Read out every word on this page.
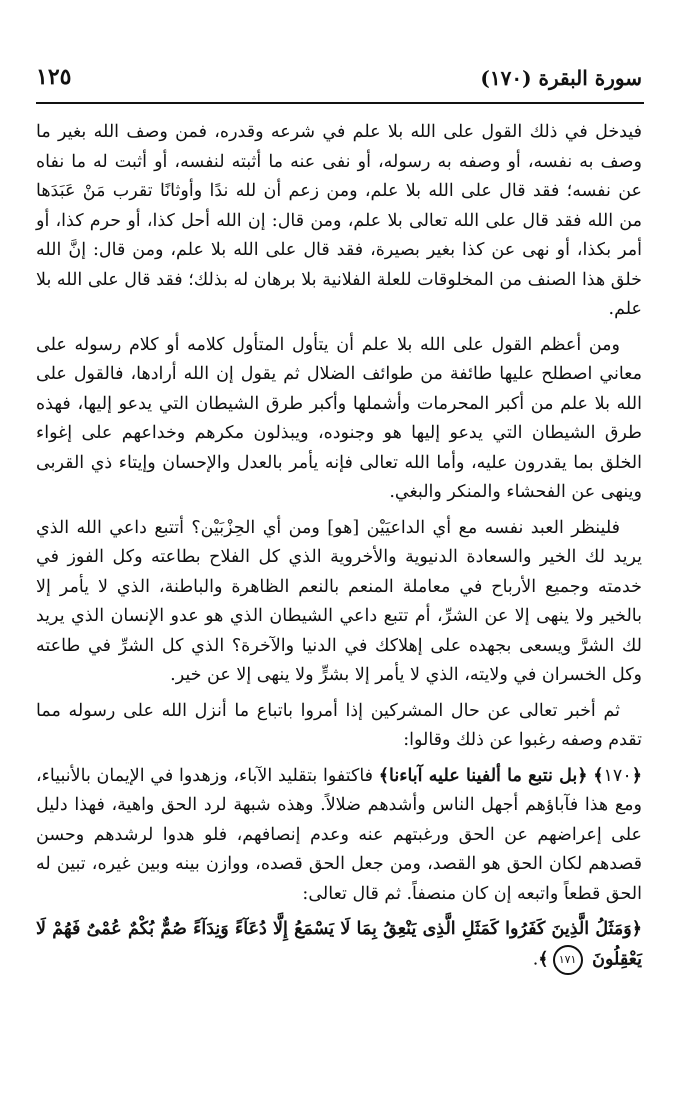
سورة البقرة (١٧٠)
١٢٥

فيدخل في ذلك القول على الله بلا علم في شرعه وقدره، فمن وصف الله بغير ما وصف به نفسه، أو وصفه به رسوله، أو نفى عنه ما أثبته لنفسه، أو أثبت له ما نفاه عن نفسه؛ فقد قال على الله بلا علم، ومن زعم أن لله ندًا وأوثانًا تقرب مَنْ عَبَدَها من الله فقد قال على الله تعالى بلا علم، ومن قال: إن الله أحل كذا، أو حرم كذا، أو أمر بكذا، أو نهى عن كذا بغير بصيرة، فقد قال على الله بلا علم، ومن قال: إنَّ الله خلق هذا الصنف من المخلوقات للعلة الفلانية بلا برهان له بذلك؛ فقد قال على الله بلا علم.

ومن أعظم القول على الله بلا علم أن يتأول المتأول كلامه أو كلام رسوله على معاني اصطلح عليها طائفة من طوائف الضلال ثم يقول إن الله أرادها، فالقول على الله بلا علم من أكبر المحرمات وأشملها وأكبر طرق الشيطان التي يدعو إليها، فهذه طرق الشيطان التي يدعو إليها هو وجنوده، ويبذلون مكرهم وخداعهم على إغواء الخلق بما يقدرون عليه، وأما الله تعالى فإنه يأمر بالعدل والإحسان وإيتاء ذي القربى وينهى عن الفحشاء والمنكر والبغي.

فلينظر العبد نفسه مع أي الداعيَيْن [هو] ومن أي الحِزْبَيْن؟ أتتبع داعي الله الذي يريد لك الخير والسعادة الدنيوية والأخروية الذي كل الفلاح بطاعته وكل الفوز في خدمته وجميع الأرباح في معاملة المنعم بالنعم الظاهرة والباطنة، الذي لا يأمر إلا بالخير ولا ينهى إلا عن الشرِّ، أم تتبع داعي الشيطان الذي هو عدو الإنسان الذي يريد لك الشرَّ ويسعى بجهده على إهلاكك في الدنيا والآخرة؟ الذي كل الشرِّ في طاعته وكل الخسران في ولايته، الذي لا يأمر إلا بشرٍّ ولا ينهى إلا عن خير.

ثم أخبر تعالى عن حال المشركين إذا أمروا باتباع ما أنزل الله على رسوله مما تقدم وصفه رغبوا عن ذلك وقالوا:

﴿١٧٠﴾ ﴿بل نتبع ما ألفينا عليه آباءنا﴾ فاكتفوا بتقليد الآباء، وزهدوا في الإيمان بالأنبياء، ومع هذا فآباؤهم أجهل الناس وأشدهم ضلالاً. وهذه شبهة لرد الحق واهية، فهذا دليل على إعراضهم عن الحق ورغبتهم عنه وعدم إنصافهم، فلو هدوا لرشدهم وحسن قصدهم لكان الحق هو القصد، ومن جعل الحق قصده، ووازن بينه وبين غيره، تبين له الحق قطعاً واتبعه إن كان منصفاً. ثم قال تعالى:

﴿وَمَثَلُ الَّذِينَ كَفَرُوا كَمَثَلِ الَّذِى يَنْعِقُ بِمَا لَا يَسْمَعُ إِلَّا دُعَآءً وَنِدَآءً صُمٌّ بُكْمٌ عُمْىٌ فَهُمْ لَا يَعْقِلُونَ ١٧١﴾.
